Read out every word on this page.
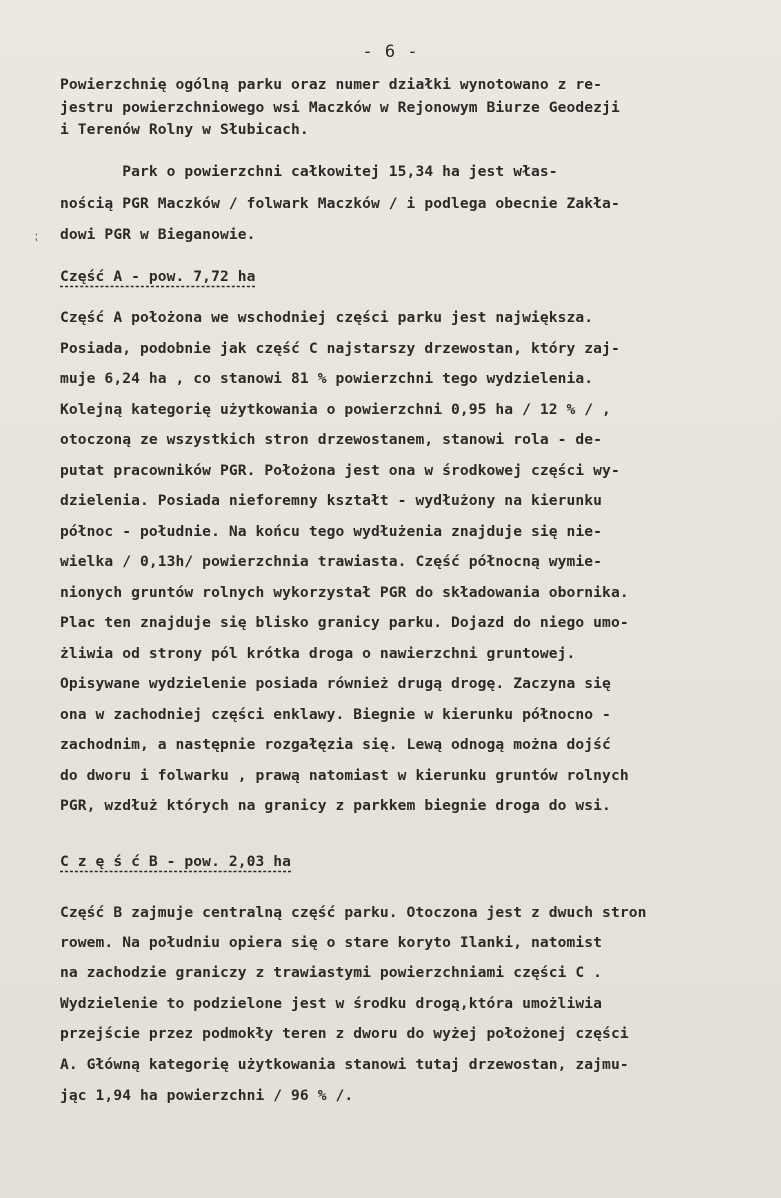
- 6 -
⁏
Powierzchnię ogólną parku oraz numer działki wynotowano z re-
jestru powierzchniowego wsi Maczków w Rejonowym Biurze Geodezji
i Terenów Rolny w Słubicach.
Park o powierzchni całkowitej 15,34 ha jest włas-
nością PGR Maczków / folwark Maczków / i podlega obecnie Zakła-
dowi PGR w Bieganowie.
Część A - pow. 7,72 ha
Część A położona we wschodniej części parku jest największa.
Posiada, podobnie jak część C najstarszy drzewostan, który zaj-
muje 6,24 ha , co stanowi 81 % powierzchni tego wydzielenia.
Kolejną kategorię użytkowania o powierzchni 0,95 ha / 12 % / ,
otoczoną ze wszystkich stron drzewostanem, stanowi rola - de-
putat pracowników PGR. Położona jest ona w środkowej części wy-
dzielenia. Posiada nieforemny kształt - wydłużony na kierunku
północ - południe. Na końcu tego wydłużenia znajduje się nie-
wielka / 0,13h/ powierzchnia trawiasta. Część północną wymie-
nionych gruntów rolnych wykorzystał PGR do składowania obornika.
Plac ten znajduje się blisko granicy parku. Dojazd do niego umo-
żliwia od strony pól krótka droga o nawierzchni gruntowej.
Opisywane wydzielenie posiada również drugą drogę. Zaczyna się
ona w zachodniej części enklawy. Biegnie w kierunku północno -
zachodnim, a następnie rozgałęzia się. Lewą odnogą można dojść
do dworu i folwarku , prawą natomiast w kierunku gruntów rolnych
PGR, wzdłuż których na granicy z parkkem biegnie droga do wsi.
C z ę ś ć B - pow. 2,03 ha
Część B zajmuje centralną część parku. Otoczona jest z dwuch stron
rowem. Na południu opiera się o stare koryto Ilanki, natomist
na zachodzie graniczy z trawiastymi powierzchniami części C .
Wydzielenie to podzielone jest w środku drogą,która umożliwia
przejście przez podmokły teren z dworu do wyżej położonej części
A. Główną kategorię użytkowania stanowi tutaj drzewostan, zajmu-
jąc 1,94 ha powierzchni / 96 % /.
